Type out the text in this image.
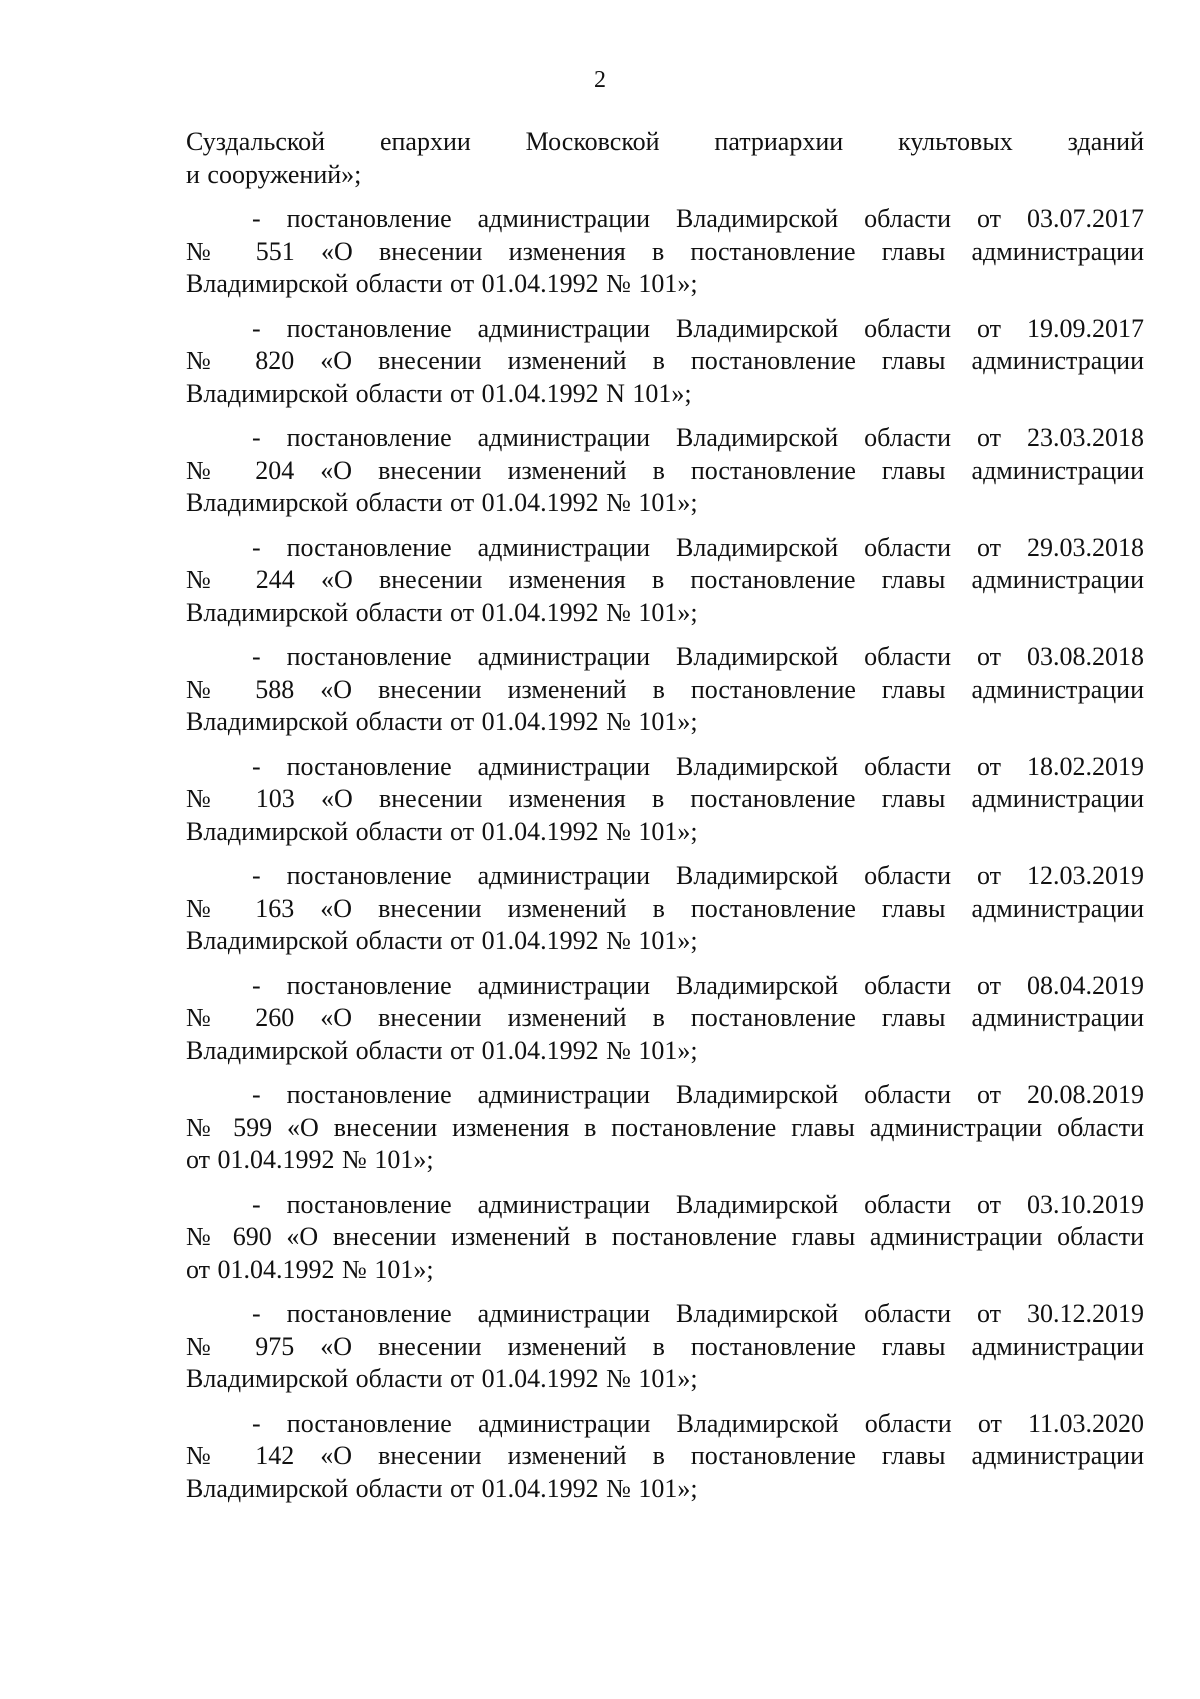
2

Суздальской епархии Московской патриархии культовых зданий
и сооружений»;

- постановление администрации Владимирской области от 03.07.2017
№ 551 «О внесении изменения в постановление главы администрации
Владимирской области от 01.04.1992 № 101»;

- постановление администрации Владимирской области от 19.09.2017
№ 820 «О внесении изменений в постановление главы администрации
Владимирской области от 01.04.1992 N 101»;

- постановление администрации Владимирской области от 23.03.2018
№ 204 «О внесении изменений в постановление главы администрации
Владимирской области от 01.04.1992 № 101»;

- постановление администрации Владимирской области от 29.03.2018
№ 244 «О внесении изменения в постановление главы администрации
Владимирской области от 01.04.1992 № 101»;

- постановление администрации Владимирской области от 03.08.2018
№ 588 «О внесении изменений в постановление главы администрации
Владимирской области от 01.04.1992 № 101»;

- постановление администрации Владимирской области от 18.02.2019
№ 103 «О внесении изменения в постановление главы администрации
Владимирской области от 01.04.1992 № 101»;

- постановление администрации Владимирской области от 12.03.2019
№ 163 «О внесении изменений в постановление главы администрации
Владимирской области от 01.04.1992 № 101»;

- постановление администрации Владимирской области от 08.04.2019
№ 260 «О внесении изменений в постановление главы администрации
Владимирской области от 01.04.1992 № 101»;

- постановление администрации Владимирской области от 20.08.2019
№ 599 «О внесении изменения в постановление главы администрации области
от 01.04.1992 № 101»;

- постановление администрации Владимирской области от 03.10.2019
№ 690 «О внесении изменений в постановление главы администрации области
от 01.04.1992 № 101»;

- постановление администрации Владимирской области от 30.12.2019
№ 975 «О внесении изменений в постановление главы администрации
Владимирской области от 01.04.1992 № 101»;

- постановление администрации Владимирской области от 11.03.2020
№ 142 «О внесении изменений в постановление главы администрации
Владимирской области от 01.04.1992 № 101»;
